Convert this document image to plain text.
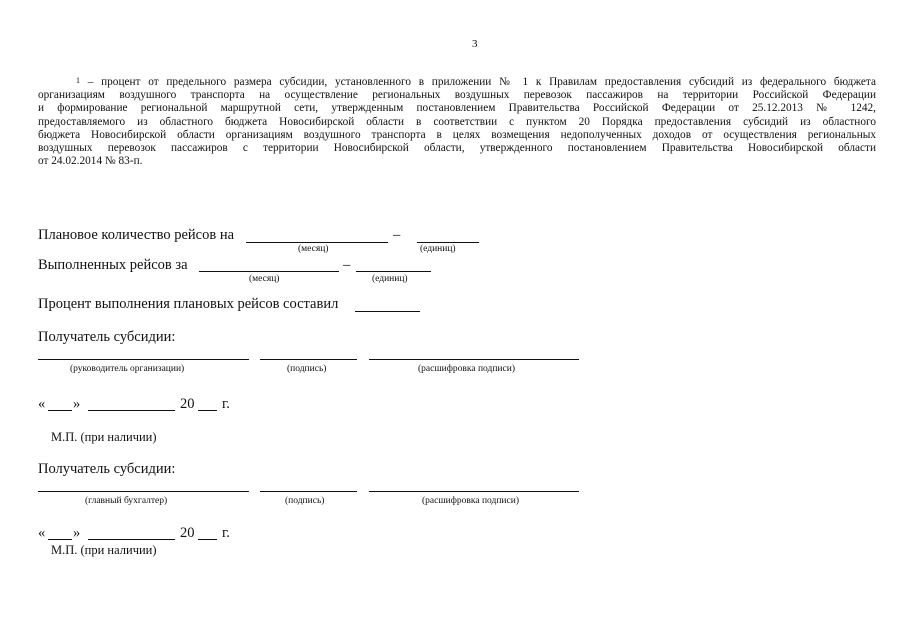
3
$^1$ – процент от предельного размера субсидии, установленного в приложении № 1 к Правилам предоставления субсидий из федерального бюджета
организациям воздушного транспорта на осуществление региональных воздушных перевозок пассажиров на территории Российской Федерации
и формирование региональной маршрутной сети, утвержденным постановлением Правительства Российской Федерации от 25.12.2013 № 1242,
предоставляемого из областного бюджета Новосибирской области в соответствии с пунктом 20 Порядка предоставления субсидий из областного
бюджета Новосибирской области организациям воздушного транспорта в целях возмещения недополученных доходов от осуществления региональных
воздушных перевозок пассажиров с территории Новосибирской области, утвержденного постановлением Правительства Новосибирской области
от 24.02.2014 № 83-п.
Плановое количество рейсов на	–
(месяц)	(единиц)
Выполненных рейсов за	–
(месяц)	(единиц)
Процент выполнения плановых рейсов составил
Получатель субсидии:
(руководитель организации)	(подпись)	(расшифровка подписи)
« »	20 г.
М.П. (при наличии)
Получатель субсидии:
(главный бухгалтер)	(подпись)	(расшифровка подписи)
« »	20 г.
М.П. (при наличии)
